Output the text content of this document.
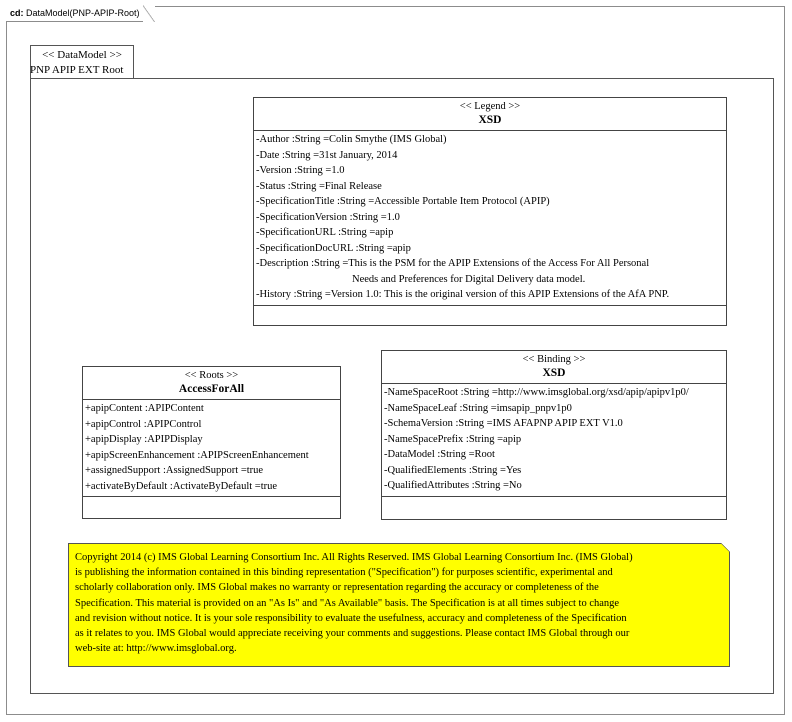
cd: DataModel(PNP-APIP-Root)
<< DataModel >>
PNP APIP EXT Root
<< Legend >>
XSD
-Author :String =Colin Smythe (IMS Global)
-Date :String =31st January, 2014
-Version :String =1.0
-Status :String =Final Release
-SpecificationTitle :String =Accessible Portable Item Protocol (APIP)
-SpecificationVersion :String =1.0
-SpecificationURL :String =apip
-SpecificationDocURL :String =apip
-Description :String =This is the PSM for the APIP Extensions of the Access For All Personal
Needs and Preferences for Digital Delivery data model.
-History :String =Version 1.0: This is the original version of this APIP Extensions of the AfA PNP.
<< Roots >>
AccessForAll
+apipContent :APIPContent
+apipControl :APIPControl
+apipDisplay :APIPDisplay
+apipScreenEnhancement :APIPScreenEnhancement
+assignedSupport :AssignedSupport =true
+activateByDefault :ActivateByDefault =true
<< Binding >>
XSD
-NameSpaceRoot :String =http://www.imsglobal.org/xsd/apip/apipv1p0/
-NameSpaceLeaf :String =imsapip_pnpv1p0
-SchemaVersion :String =IMS AFAPNP APIP EXT V1.0
-NameSpacePrefix :String =apip
-DataModel :String =Root
-QualifiedElements :String =Yes
-QualifiedAttributes :String =No
Copyright 2014 (c) IMS Global Learning Consortium Inc. All Rights Reserved. IMS Global Learning Consortium Inc. (IMS Global)
is publishing the information contained in this binding representation ("Specification") for purposes scientific, experimental and
scholarly collaboration only. IMS Global makes no warranty or representation regarding the accuracy or completeness of the
Specification. This material is provided on an "As Is" and "As Available" basis. The Specification is at all times subject to change
and revision without notice. It is your sole responsibility to evaluate the usefulness, accuracy and completeness of the Specification
as it relates to you. IMS Global would appreciate receiving your comments and suggestions. Please contact IMS Global through our
web-site at: http://www.imsglobal.org.
